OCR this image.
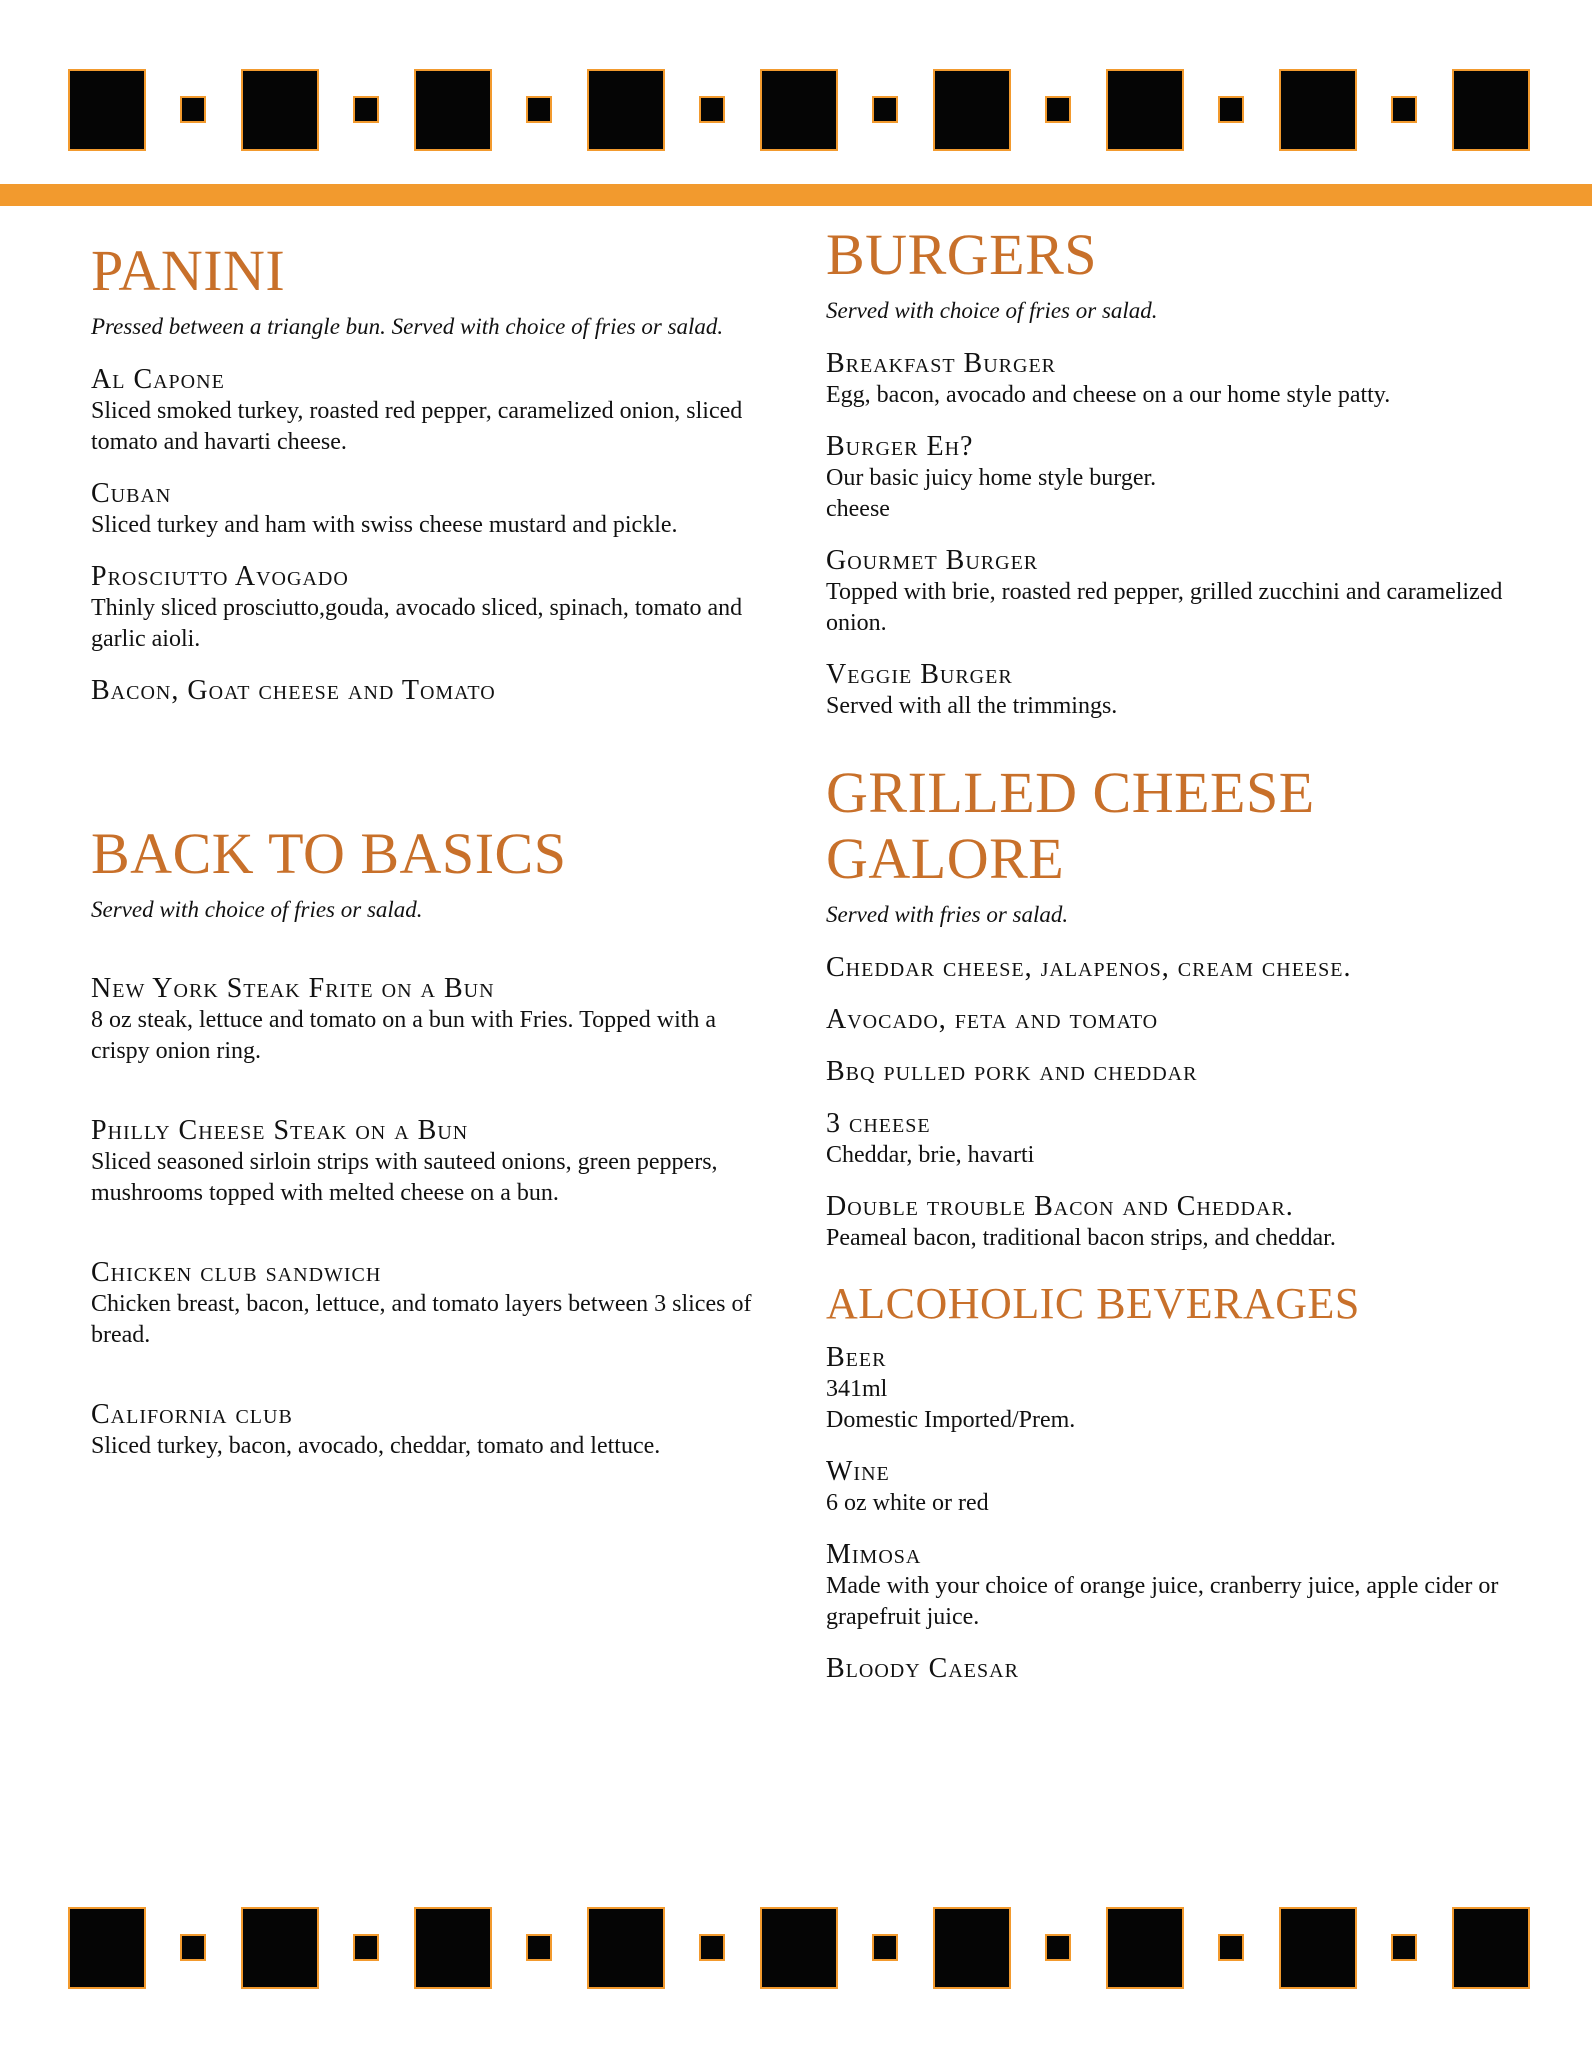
PANINI

Pressed between a triangle bun. Served with choice of fries or salad.

Al Capone

Sliced smoked turkey, roasted red pepper, caramelized onion, sliced tomato and havarti cheese.

Cuban

Sliced turkey and ham with swiss cheese mustard and pickle.

Prosciutto Avogado

Thinly sliced prosciutto,gouda, avocado sliced, spinach, tomato and garlic aioli.

Bacon, Goat cheese and Tomato

BACK TO BASICS

Served with choice of fries or salad.

New York Steak Frite on a Bun

8 oz steak, lettuce and tomato on a bun with Fries. Topped with a crispy onion ring.

Philly Cheese Steak on a Bun

Sliced seasoned sirloin strips with sauteed onions, green peppers, mushrooms topped with melted cheese on a bun.

Chicken club sandwich

Chicken breast, bacon, lettuce, and tomato layers between 3 slices of bread.

California club

Sliced turkey, bacon, avocado, cheddar, tomato and lettuce.

BURGERS

Served with choice of fries or salad.

Breakfast Burger

Egg, bacon, avocado and cheese on a our home style patty.

Burger Eh?

Our basic juicy home style burger.

cheese

Gourmet Burger

Topped with brie, roasted red pepper, grilled zucchini and caramelized onion.

Veggie Burger

Served with all the trimmings.

GRILLED CHEESE
GALORE

Served with fries or salad.

Cheddar cheese, jalapenos, cream cheese.

Avocado, feta and tomato

Bbq pulled pork and cheddar

3 cheese

Cheddar, brie, havarti

Double trouble Bacon and Cheddar.

Peameal bacon, traditional bacon strips, and cheddar.

ALCOHOLIC BEVERAGES

Beer

341ml

Domestic Imported/Prem.

Wine

6 oz white or red

Mimosa

Made with your choice of orange juice, cranberry juice, apple cider or grapefruit juice.

Bloody Caesar
